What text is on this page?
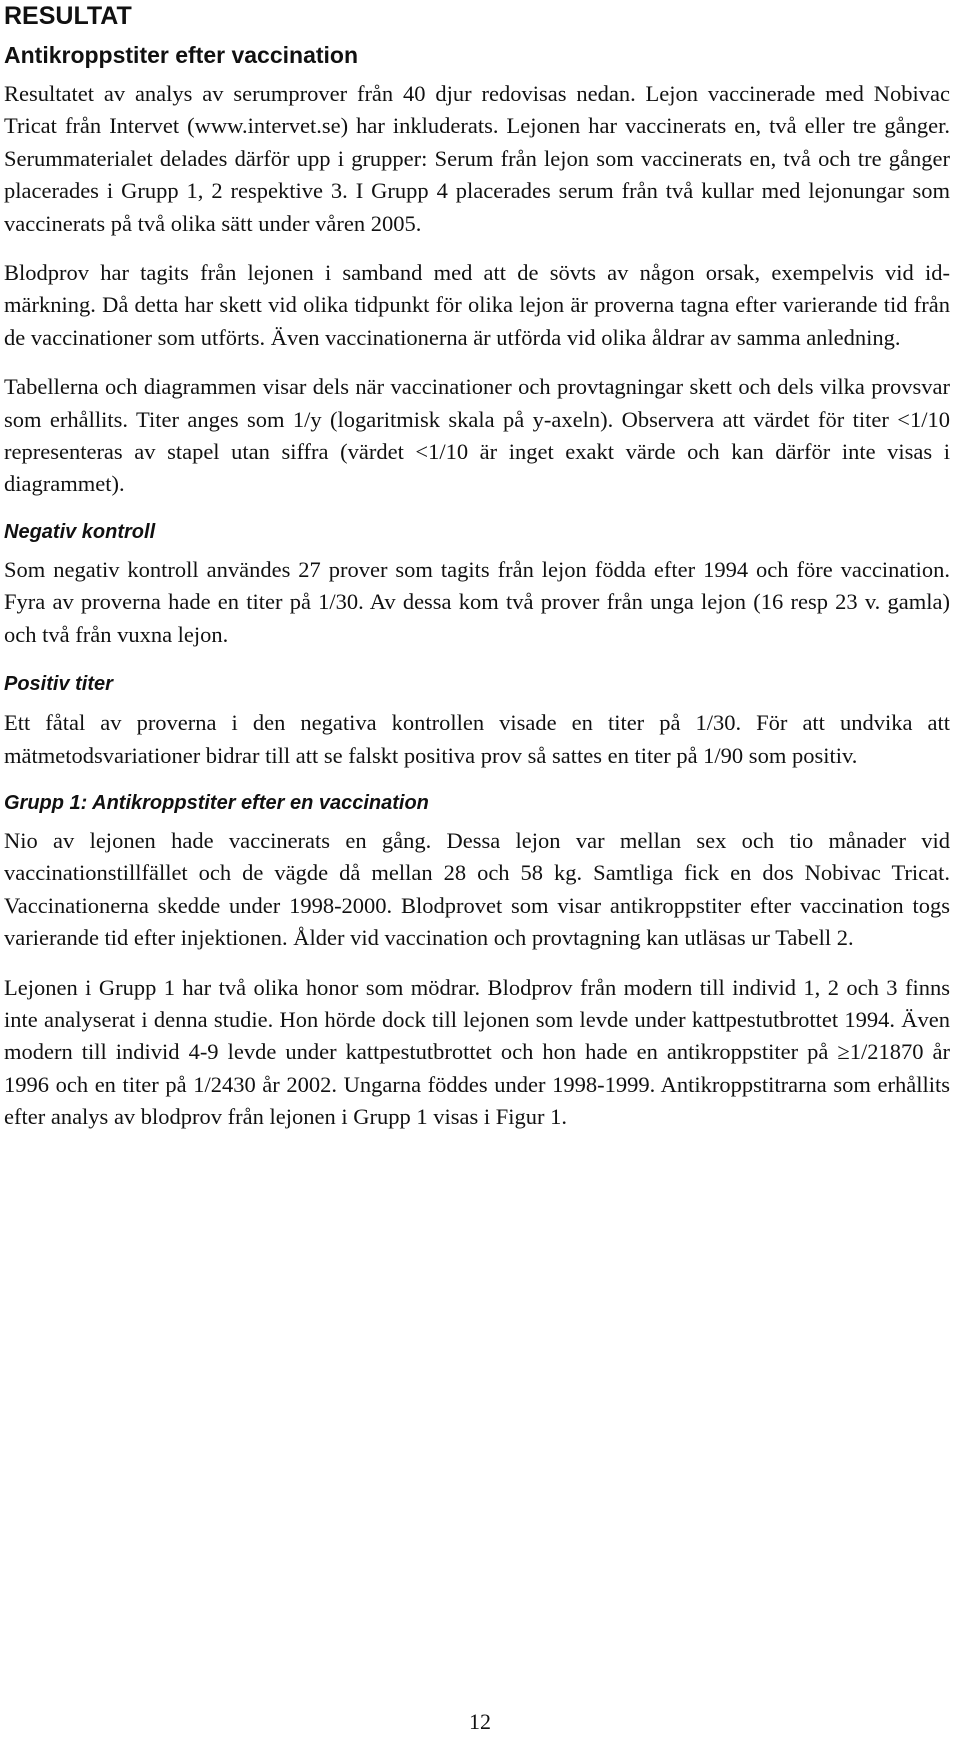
RESULTAT
Antikroppstiter efter vaccination

Resultatet av analys av serumprover från 40 djur redovisas nedan. Lejon vaccinerade med Nobivac Tricat från Intervet (www.intervet.se) har inkluderats. Lejonen har vaccinerats en, två eller tre gånger. Serummaterialet delades därför upp i grupper: Serum från lejon som vaccinerats en, två och tre gånger placerades i Grupp 1, 2 respektive 3. I Grupp 4 placerades serum från två kullar med lejonungar som vaccinerats på två olika sätt under våren 2005.

Blodprov har tagits från lejonen i samband med att de sövts av någon orsak, exempelvis vid id-märkning. Då detta har skett vid olika tidpunkt för olika lejon är proverna tagna efter varierande tid från de vaccinationer som utförts. Även vaccinationerna är utförda vid olika åldrar av samma anledning.

Tabellerna och diagrammen visar dels när vaccinationer och provtagningar skett och dels vilka provsvar som erhållits. Titer anges som 1/y (logaritmisk skala på y-axeln). Observera att värdet för titer <1/10 representeras av stapel utan siffra (värdet <1/10 är inget exakt värde och kan därför inte visas i diagrammet).

Negativ kontroll

Som negativ kontroll användes 27 prover som tagits från lejon födda efter 1994 och före vaccination. Fyra av proverna hade en titer på 1/30. Av dessa kom två prover från unga lejon (16 resp 23 v. gamla) och två från vuxna lejon.

Positiv titer

Ett fåtal av proverna i den negativa kontrollen visade en titer på 1/30. För att undvika att mätmetodsvariationer bidrar till att se falskt positiva prov så sattes en titer på 1/90 som positiv.

Grupp 1: Antikroppstiter efter en vaccination

Nio av lejonen hade vaccinerats en gång. Dessa lejon var mellan sex och tio månader vid vaccinationstillfället och de vägde då mellan 28 och 58 kg. Samtliga fick en dos Nobivac Tricat. Vaccinationerna skedde under 1998-2000. Blodprovet som visar antikroppstiter efter vaccination togs varierande tid efter injektionen. Ålder vid vaccination och provtagning kan utläsas ur Tabell 2.

Lejonen i Grupp 1 har två olika honor som mödrar. Blodprov från modern till individ 1, 2 och 3 finns inte analyserat i denna studie. Hon hörde dock till lejonen som levde under kattpestutbrottet 1994. Även modern till individ 4-9 levde under kattpestutbrottet och hon hade en antikroppstiter på ≥1/21870 år 1996 och en titer på 1/2430 år 2002. Ungarna föddes under 1998-1999. Antikroppstitrarna som erhållits efter analys av blodprov från lejonen i Grupp 1 visas i Figur 1.

12
